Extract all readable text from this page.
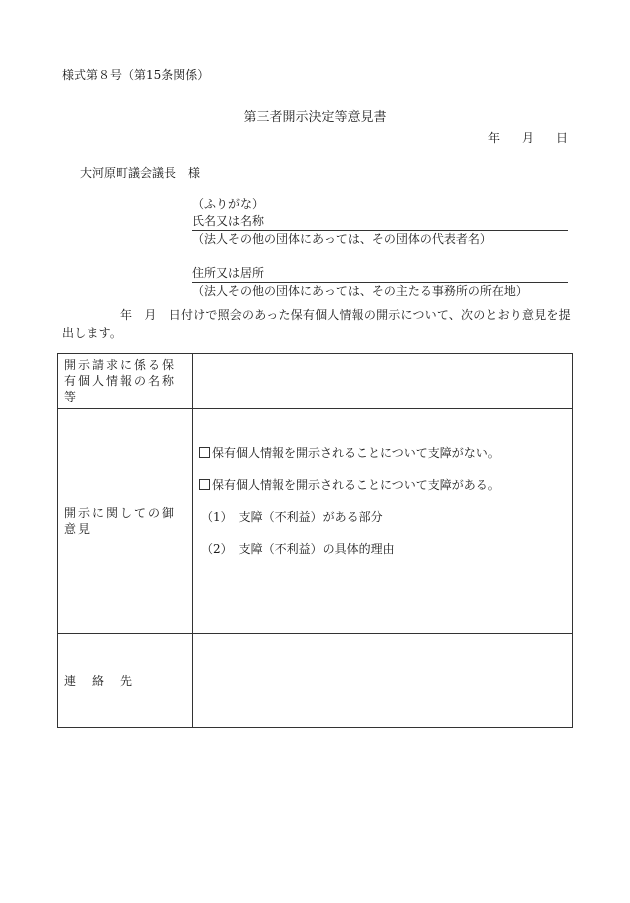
様式第８号（第15条関係）
第三者開示決定等意見書
年 月 日
大河原町議会議長　様
（ふりがな）
氏名又は名称
（法人その他の団体にあっては、その団体の代表者名）
住所又は居所
（法人その他の団体にあっては、その主たる事務所の所在地）
年　月　日付けで照会のあった保有個人情報の開示について、次のとおり意見を提出します。
開示請求に係る保有個人情報の名称等	
開示に関しての御意見	保有個人情報を開示されることについて支障がない。
保有個人情報を開示されることについて支障がある。
（1）　支障（不利益）がある部分
（2）　支障（不利益）の具体的理由

連　絡　先	
